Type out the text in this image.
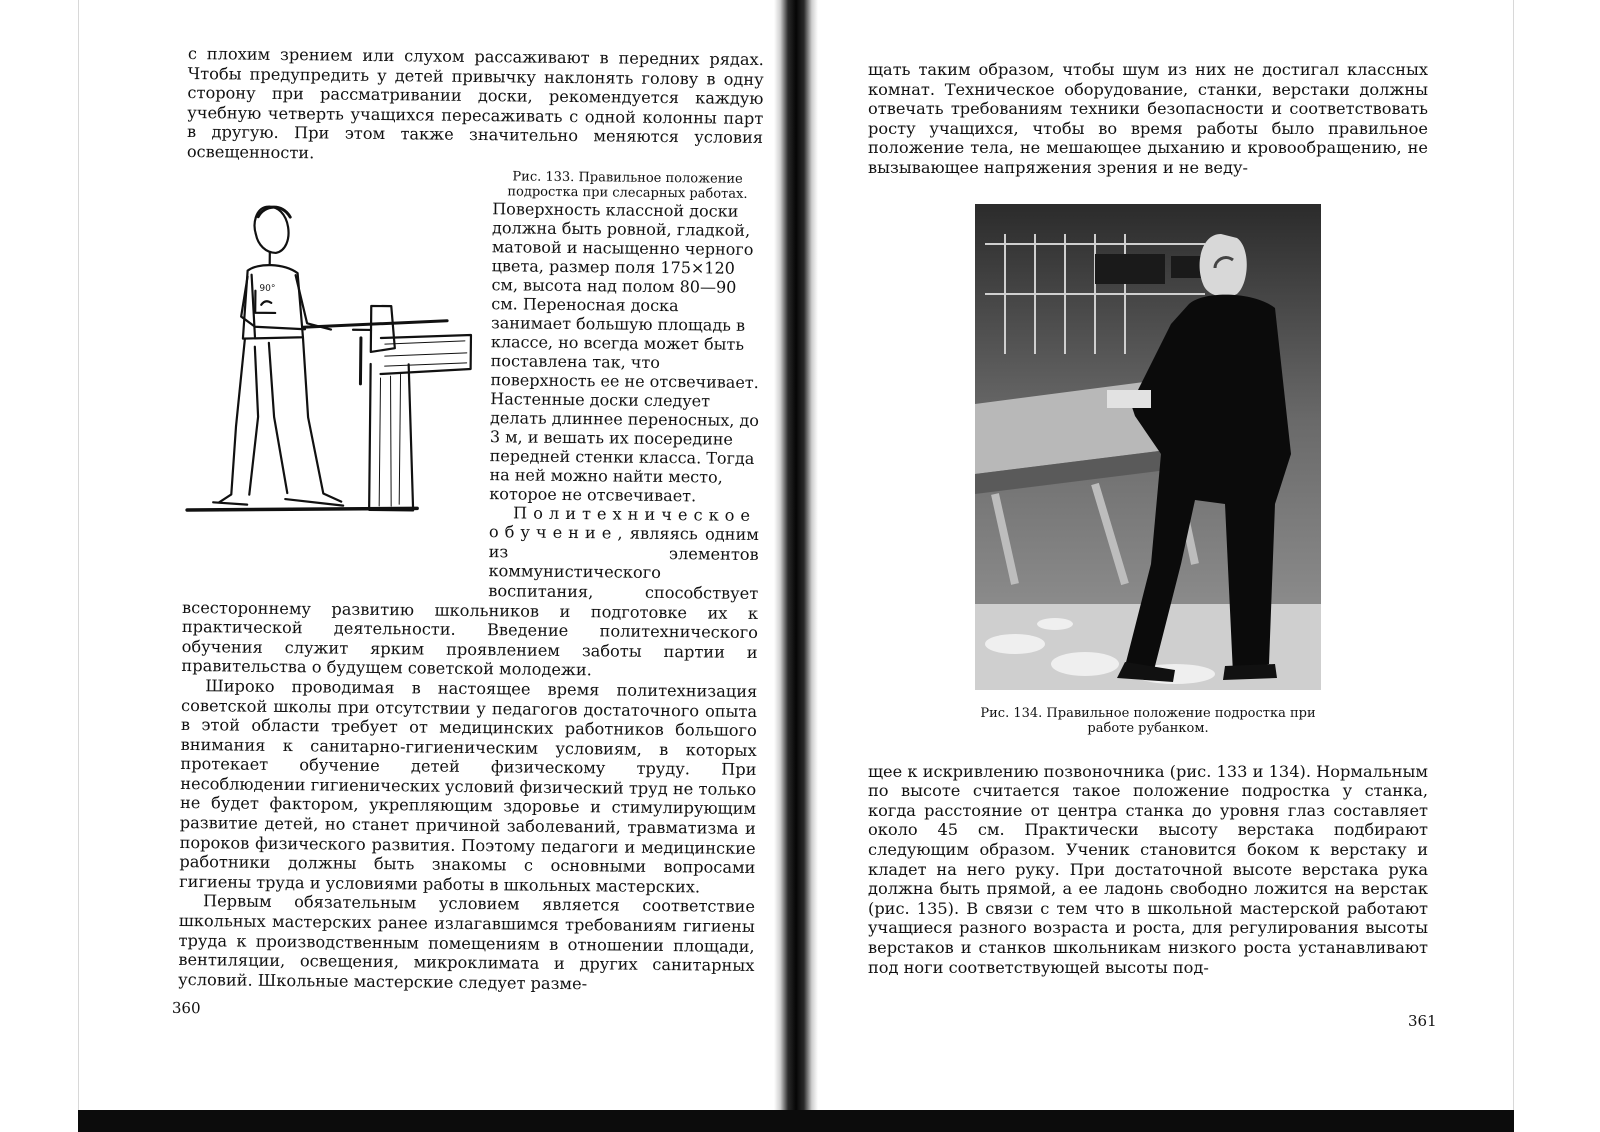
с плохим зрением или слухом рассаживают в передних рядах. Чтобы предупредить у детей привычку наклонять голову в одну сторону при рассматривании доски, рекомендуется каждую учебную четверть учащихся пересаживать с одной колонны парт в другую. При этом также значительно меняются условия освещенности.

90°

Рис. 133. Правильное положение подростка при слесарных работах.
Поверхность классной доски должна быть ровной, гладкой, матовой и насыщенно черного цвета, размер поля 175×120 см, высота над полом 80—90 см. Переносная доска занимает большую площадь в классе, но всегда может быть поставлена так, что поверхность ее не отсвечивает. Настенные доски следует делать длиннее переносных, до 3 м, и вешать их посередине передней стенки класса. Тогда на ней можно найти место, которое не отсвечивает.

Политехническое обучение, являясь одним из элементов коммунистического воспитания, способствует всестороннему развитию школьников и подготовке их к практической деятельности. Введение политехнического обучения служит ярким проявлением заботы партии и правительства о будущем советской молодежи.

Широко проводимая в настоящее время политехнизация советской школы при отсутствии у педагогов достаточного опыта в этой области требует от медицинских работников большого внимания к санитарно-гигиеническим условиям, в которых протекает обучение детей физическому труду. При несоблюдении гигиенических условий физический труд не только не будет фактором, укрепляющим здоровье и стимулирующим развитие детей, но станет причиной заболеваний, травматизма и пороков физического развития. Поэтому педагоги и медицинские работники должны быть знакомы с основными вопросами гигиены труда и условиями работы в школьных мастерских.

Первым обязательным условием является соответствие школьных мастерских ранее излагавшимся требованиям гигиены труда к производственным помещениям в отношении площади, вентиляции, освещения, микроклимата и других санитарных условий. Школьные мастерские следует разме-

360

щать таким образом, чтобы шум из них не достигал классных комнат. Техническое оборудование, станки, верстаки должны отвечать требованиям техники безопасности и соответствовать росту учащихся, чтобы во время работы было правильное положение тела, не мешающее дыханию и кровообращению, не вызывающее напряжения зрения и не веду-

Рис. 134. Правильное положение подростка при работе рубанком.

щее к искривлению позвоночника (рис. 133 и 134). Нормальным по высоте считается такое положение подростка у станка, когда расстояние от центра станка до уровня глаз составляет около 45 см. Практически высоту верстака подбирают следующим образом. Ученик становится боком к верстаку и кладет на него руку. При достаточной высоте верстака рука должна быть прямой, а ее ладонь свободно ложится на верстак (рис. 135). В связи с тем что в школьной мастерской работают учащиеся разного возраста и роста, для регулирования высоты верстаков и станков школьникам низкого роста устанавливают под ноги соответствующей высоты под-

361
